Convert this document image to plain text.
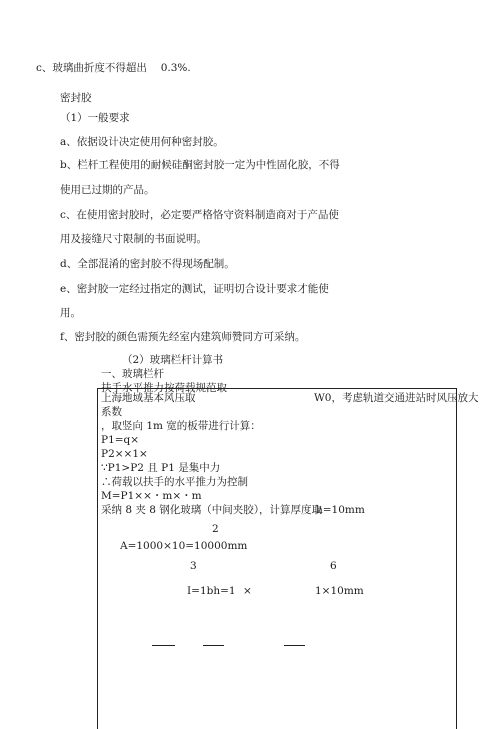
c、玻璃曲折度不得超出　 0.3%.
密封胶
（1）一般要求
a、依据设计决定使用何种密封胶。
b、栏杆工程使用的耐候硅酮密封胶一定为中性固化胶，不得
使用已过期的产品。
c、在使用密封胶时，必定要严格恪守资料制造商对于产品使
用及接缝尺寸限制的书面说明。
d、全部混淆的密封胶不得现场配制。
e、密封胶一定经过指定的测试，证明切合设计要求才能使
用。
f、密封胶的颜色需预先经室内建筑师赞同方可采纳。
（2）玻璃栏杆计算书
一、玻璃栏杆
扶手水平推力按荷载规范取
上海地域基本风压取	W0，考虑轨道交通进站时风压放大
系数
，取竖向 1m 宽的板带进行计算：
P1=q×
P2××1×
∵P1>P2 且 P1 是集中力
∴荷载以扶手的水平推力为控制
M=P1××・m×・m
采纳 8 夹 8 钢化玻璃（中间夹胶），计算厚度取
h=10mm
2
A=1000×10=10000mm
3	6
I=1bh=1 ×	1×10mm
